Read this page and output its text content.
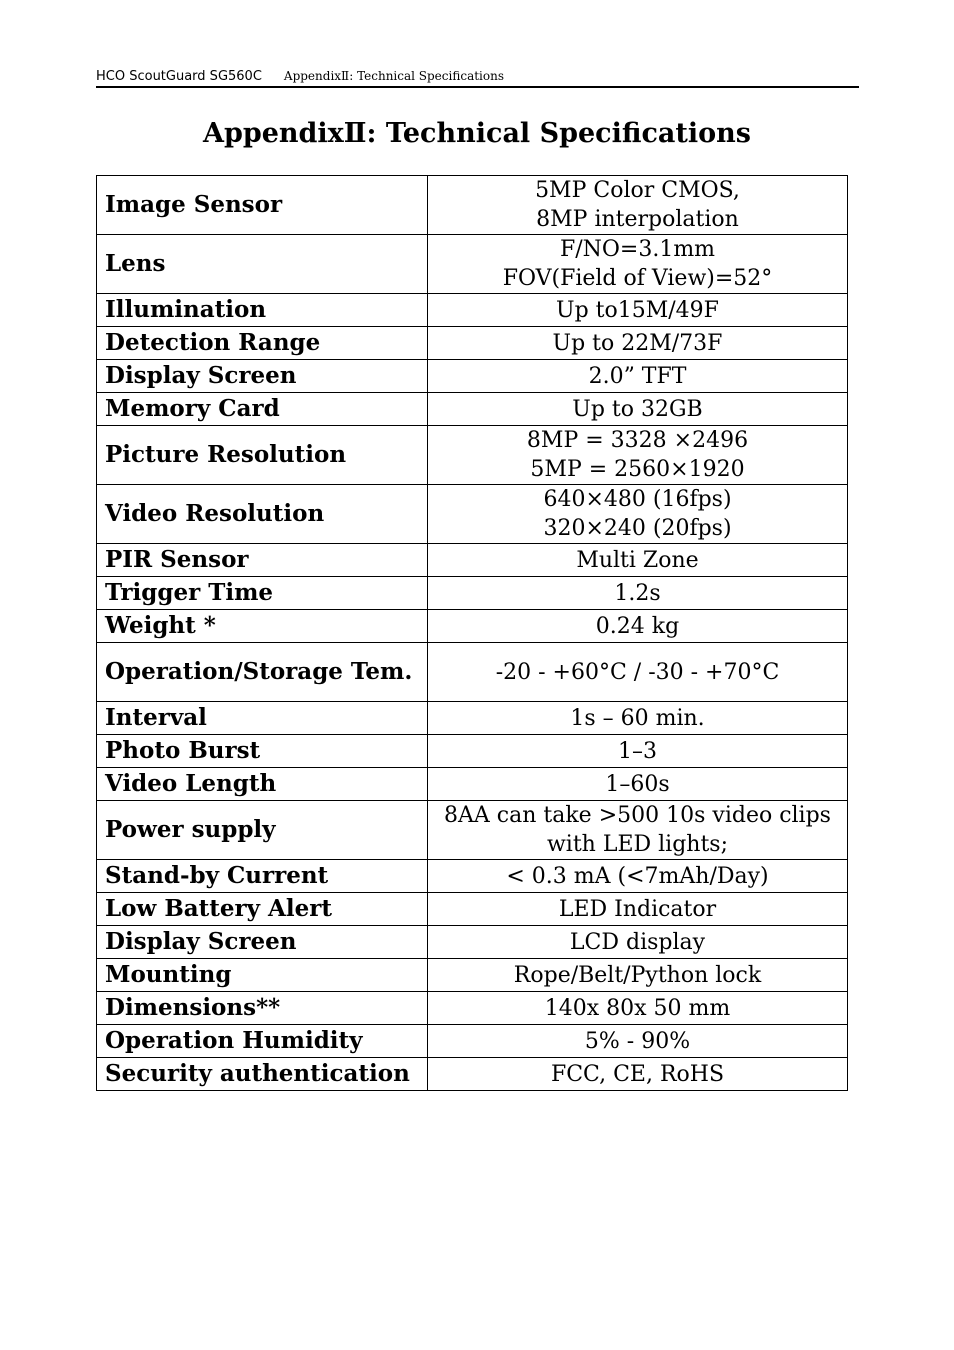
HCO ScoutGuard SG560C AppendixⅡ: Technical Specifications
AppendixⅡ: Technical Specifications
Image Sensor	5MP Color CMOS,
8MP interpolation

Lens	F/NO=3.1mm
FOV(Field of View)=52°

Illumination	Up to15M/49F

Detection Range	Up to 22M/73F

Display Screen	2.0” TFT

Memory Card	Up to 32GB

Picture Resolution	8MP = 3328 ×2496
5MP = 2560×1920

Video Resolution	640×480 (16fps)
320×240 (20fps)

PIR Sensor	Multi Zone

Trigger Time	1.2s

Weight *	0.24 kg

Operation/Storage Tem.	-20 - +60°C / -30 - +70°C

Interval	1s – 60 min.

Photo Burst	1–3

Video Length	1–60s

Power supply	8AA can take >500 10s video clips
with LED lights;

Stand-by Current	< 0.3 mA (<7mAh/Day)

Low Battery Alert	LED Indicator

Display Screen	LCD display

Mounting	Rope/Belt/Python lock

Dimensions**	140x 80x 50 mm

Operation Humidity	5% - 90%

Security authentication	FCC, CE, RoHS
